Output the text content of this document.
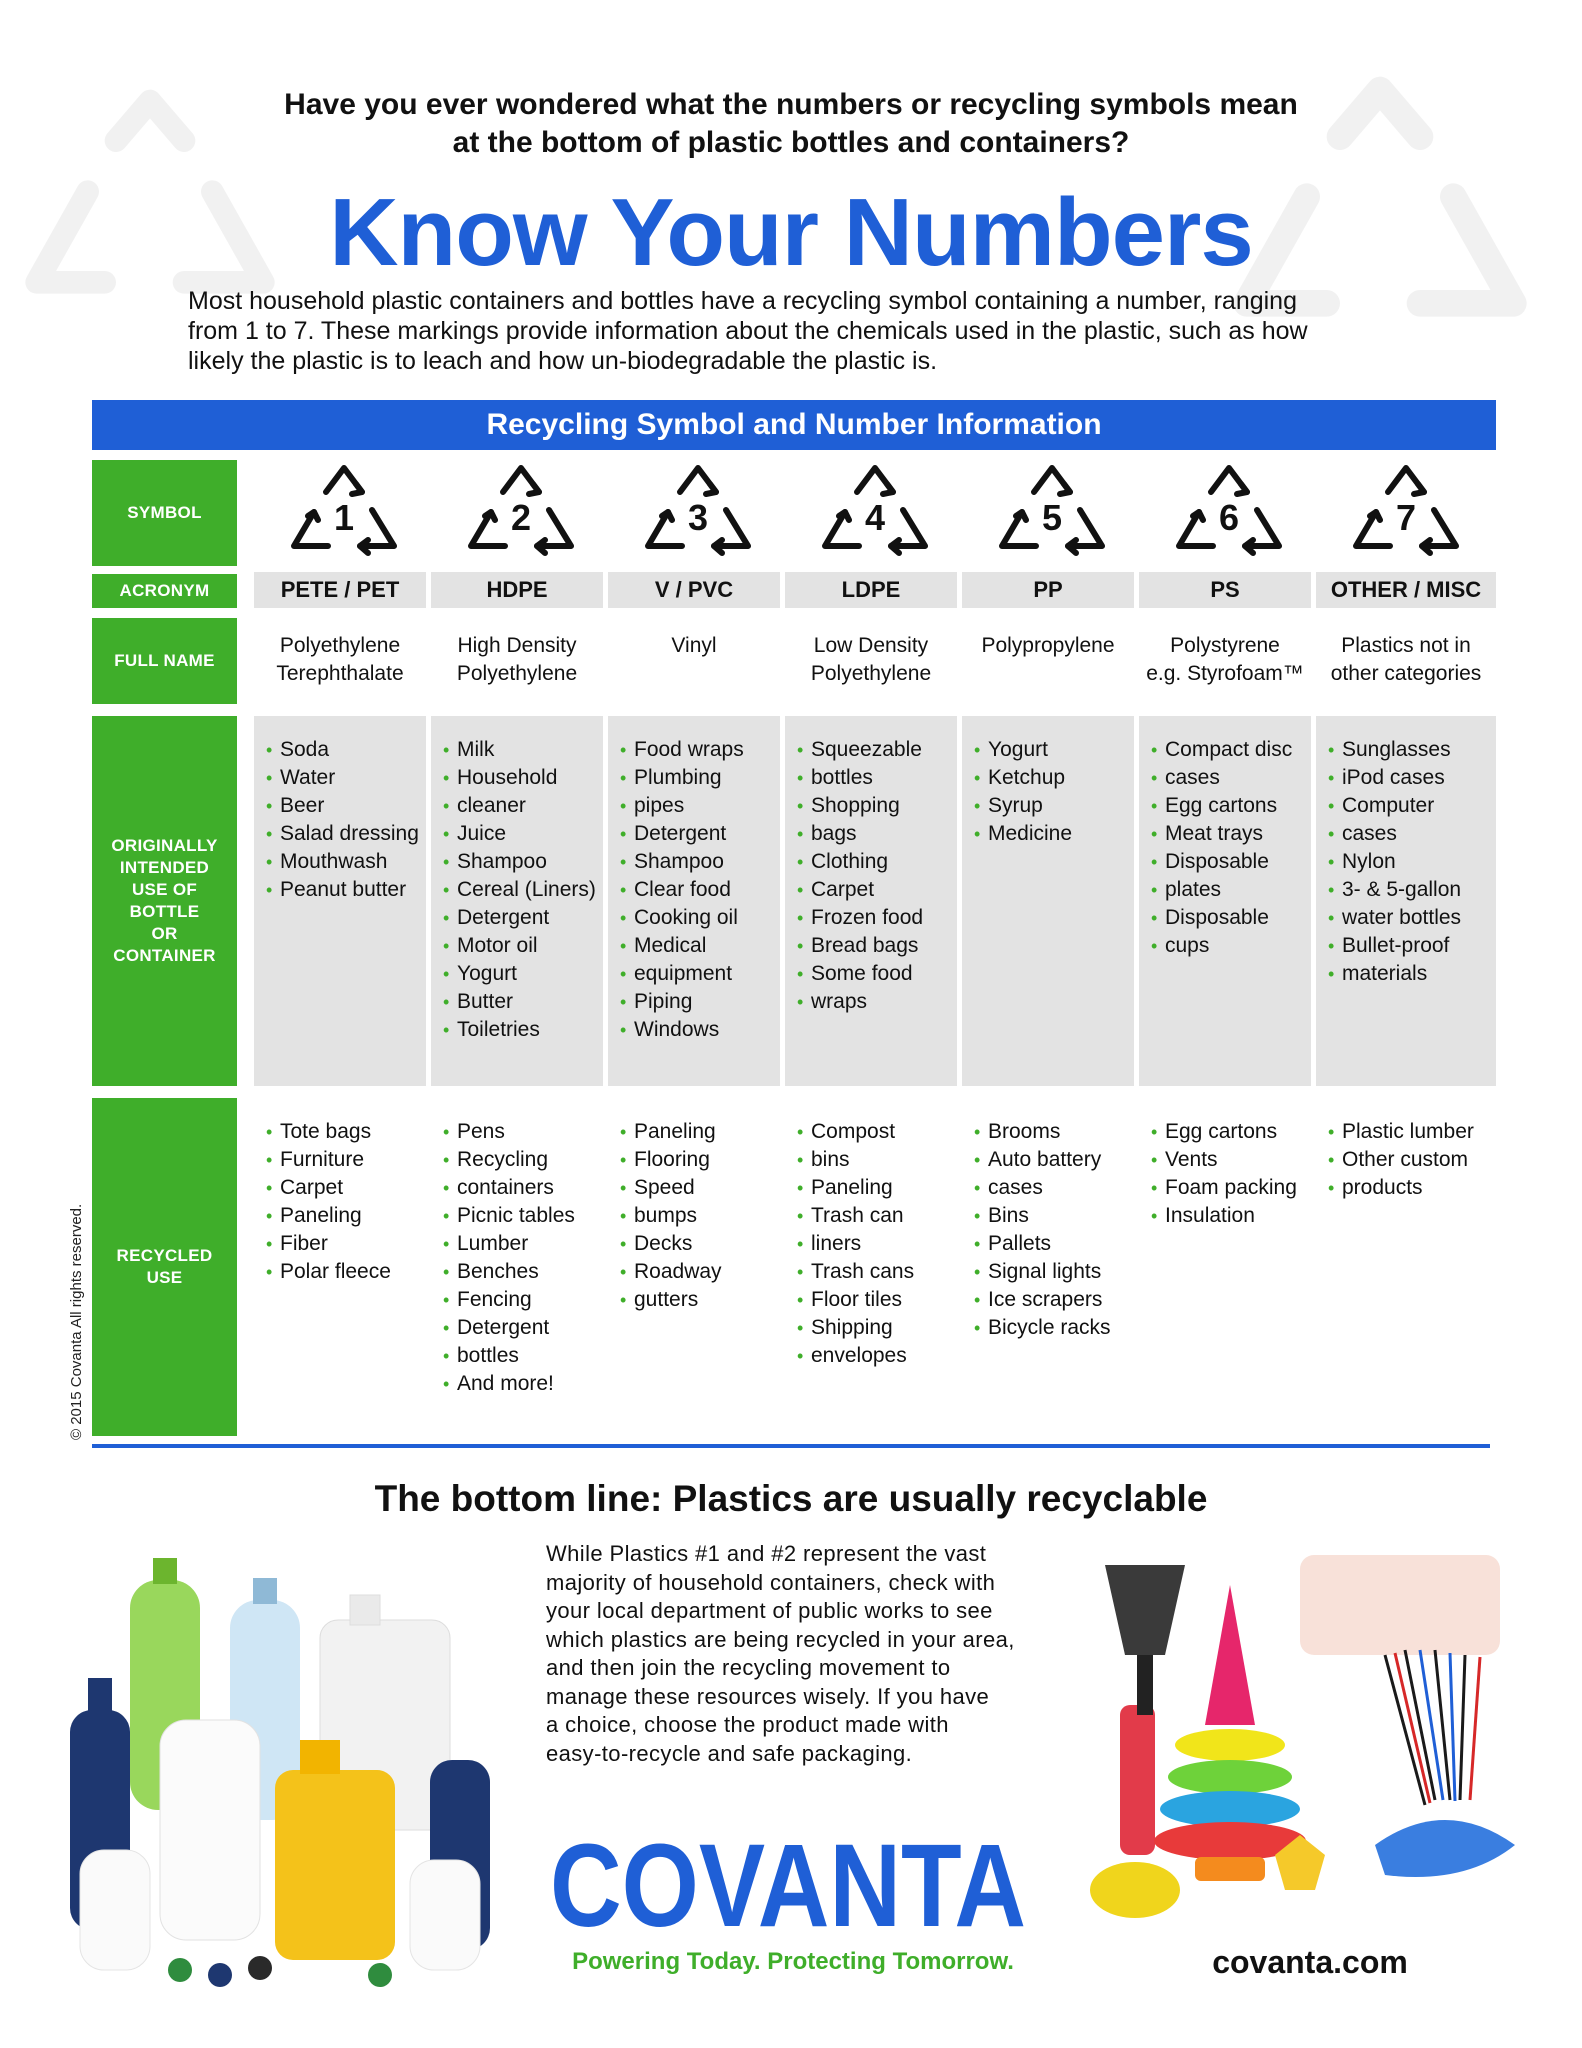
Have you ever wondered what the numbers or recycling symbols mean
at the bottom of plastic bottles and containers?
Know Your Numbers
Most household plastic containers and bottles have a recycling symbol containing a number, ranging
from 1 to 7. These markings provide information about the chemicals used in the plastic, such as how
likely the plastic is to leach and how un-biodegradable the plastic is.
Recycling Symbol and Number Information
SYMBOL
ACRONYM
FULL NAME
ORIGINALLY
INTENDED
USE OF
BOTTLE
OR
CONTAINER
RECYCLED
USE
1
PETE / PET
Polyethylene
Terephthalate
• Soda
• Water
• Beer
• Salad dressing
• Mouthwash
• Peanut butter
• Tote bags
• Furniture
• Carpet
• Paneling
• Fiber
• Polar fleece
2
HDPE
High Density
Polyethylene
• Milk
• Household
• cleaner
• Juice
• Shampoo
• Cereal (Liners)
• Detergent
• Motor oil
• Yogurt
• Butter
• Toiletries
• Pens
• Recycling
• containers
• Picnic tables
• Lumber
• Benches
• Fencing
• Detergent
• bottles
• And more!
3
V / PVC
Vinyl
• Food wraps
• Plumbing
• pipes
• Detergent
• Shampoo
• Clear food
• Cooking oil
• Medical
• equipment
• Piping
• Windows
• Paneling
• Flooring
• Speed
• bumps
• Decks
• Roadway
• gutters
4
LDPE
Low Density
Polyethylene
• Squeezable
• bottles
• Shopping
• bags
• Clothing
• Carpet
• Frozen food
• Bread bags
• Some food
• wraps
• Compost
• bins
• Paneling
• Trash can
• liners
• Trash cans
• Floor tiles
• Shipping
• envelopes
5
PP
Polypropylene
• Yogurt
• Ketchup
• Syrup
• Medicine
• Brooms
• Auto battery
• cases
• Bins
• Pallets
• Signal lights
• Ice scrapers
• Bicycle racks
6
PS
Polystyrene
e.g. Styrofoam™
• Compact disc
• cases
• Egg cartons
• Meat trays
• Disposable
• plates
• Disposable
• cups
• Egg cartons
• Vents
• Foam packing
• Insulation
7
OTHER / MISC
Plastics not in
other categories
• Sunglasses
• iPod cases
• Computer
• cases
• Nylon
• 3- & 5-gallon
• water bottles
• Bullet-proof
• materials
• Plastic lumber
• Other custom
• products
© 2015 Covanta All rights reserved.
The bottom line: Plastics are usually recyclable
While Plastics #1 and #2 represent the vast
majority of household containers, check with
your local department of public works to see
which plastics are being recycled in your area,
and then join the recycling movement to
manage these resources wisely. If you have
a choice, choose the product made with
easy-to-recycle and safe packaging.
COVANTA
Powering Today. Protecting Tomorrow.	covanta.com
